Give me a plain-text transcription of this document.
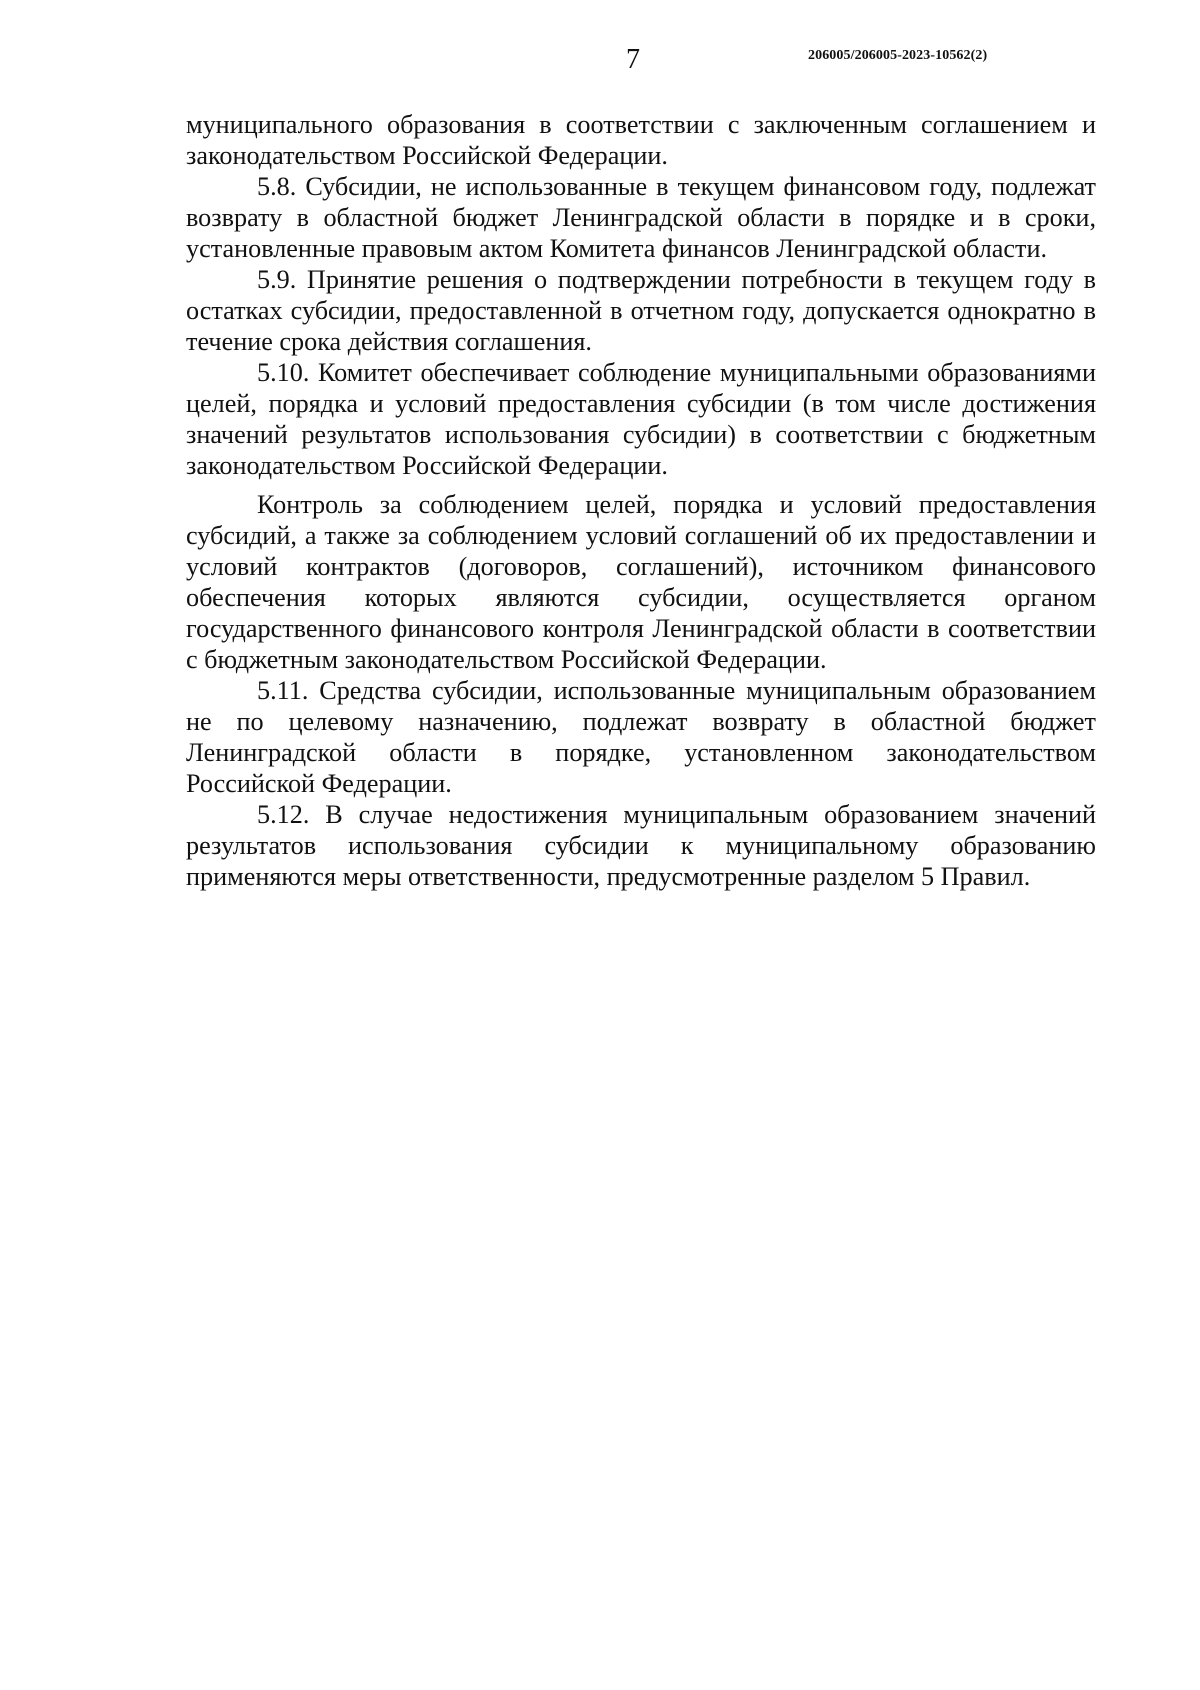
7	206005/206005-2023-10562(2)

муниципального образования в соответствии с заключенным соглашением и законодательством Российской Федерации.

5.8. Субсидии, не использованные в текущем финансовом году, подлежат возврату в областной бюджет Ленинградской области в порядке и в сроки, установленные правовым актом Комитета финансов Ленинградской области.

5.9. Принятие решения о подтверждении потребности в текущем году в остатках субсидии, предоставленной в отчетном году, допускается однократно в течение срока действия соглашения.

5.10. Комитет обеспечивает соблюдение муниципальными образованиями целей, порядка и условий предоставления субсидии (в том числе достижения значений результатов использования субсидии) в соответствии с бюджетным законодательством Российской Федерации.

Контроль за соблюдением целей, порядка и условий предоставления субсидий, а также за соблюдением условий соглашений об их предоставлении и условий контрактов (договоров, соглашений), источником финансового обеспечения которых являются субсидии, осуществляется органом государственного финансового контроля Ленинградской области в соответствии с бюджетным законодательством Российской Федерации.

5.11. Средства субсидии, использованные муниципальным образованием не по целевому назначению, подлежат возврату в областной бюджет Ленинградской области в порядке, установленном законодательством Российской Федерации.

5.12. В случае недостижения муниципальным образованием значений результатов использования субсидии к муниципальному образованию применяются меры ответственности, предусмотренные разделом 5 Правил.
